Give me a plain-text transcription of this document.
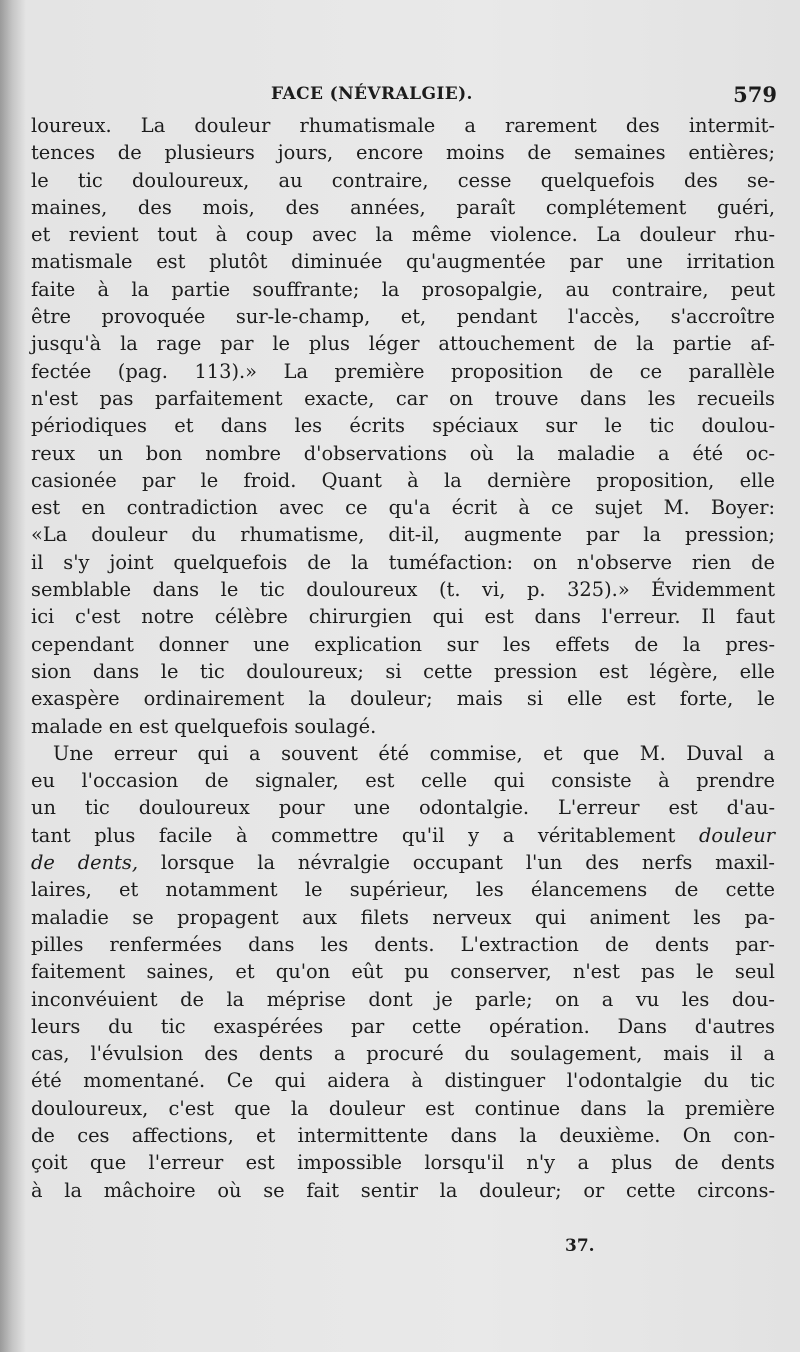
FACE (NÉVRALGIE).	579
loureux. La douleur rhumatismale a rarement des intermit-
tences de plusieurs jours, encore moins de semaines entières;
le tic douloureux, au contraire, cesse quelquefois des se-
maines, des mois, des années, paraît complétement guéri,
et revient tout à coup avec la même violence. La douleur rhu-
matismale est plutôt diminuée qu'augmentée par une irritation
faite à la partie souffrante; la prosopalgie, au contraire, peut
être provoquée sur-le-champ, et, pendant l'accès, s'accroître
jusqu'à la rage par le plus léger attouchement de la partie af-
fectée (pag. 113).» La première proposition de ce parallèle
n'est pas parfaitement exacte, car on trouve dans les recueils
périodiques et dans les écrits spéciaux sur le tic doulou-
reux un bon nombre d'observations où la maladie a été oc-
casionée par le froid. Quant à la dernière proposition, elle
est en contradiction avec ce qu'a écrit à ce sujet M. Boyer:
«La douleur du rhumatisme, dit-il, augmente par la pression;
il s'y joint quelquefois de la tuméfaction: on n'observe rien de
semblable dans le tic douloureux (t. vi, p. 325).» Évidemment
ici c'est notre célèbre chirurgien qui est dans l'erreur. Il faut
cependant donner une explication sur les effets de la pres-
sion dans le tic douloureux; si cette pression est légère, elle
exaspère ordinairement la douleur; mais si elle est forte, le
malade en est quelquefois soulagé.
Une erreur qui a souvent été commise, et que M. Duval a
eu l'occasion de signaler, est celle qui consiste à prendre
un tic douloureux pour une odontalgie. L'erreur est d'au-
tant plus facile à commettre qu'il y a véritablement douleur
de dents, lorsque la névralgie occupant l'un des nerfs maxil-
laires, et notamment le supérieur, les élancemens de cette
maladie se propagent aux filets nerveux qui animent les pa-
pilles renfermées dans les dents. L'extraction de dents par-
faitement saines, et qu'on eût pu conserver, n'est pas le seul
inconvéuient de la méprise dont je parle; on a vu les dou-
leurs du tic exaspérées par cette opération. Dans d'autres
cas, l'évulsion des dents a procuré du soulagement, mais il a
été momentané. Ce qui aidera à distinguer l'odontalgie du tic
douloureux, c'est que la douleur est continue dans la première
de ces affections, et intermittente dans la deuxième. On con-
çoit que l'erreur est impossible lorsqu'il n'y a plus de dents
à la mâchoire où se fait sentir la douleur; or cette circons-
37.
